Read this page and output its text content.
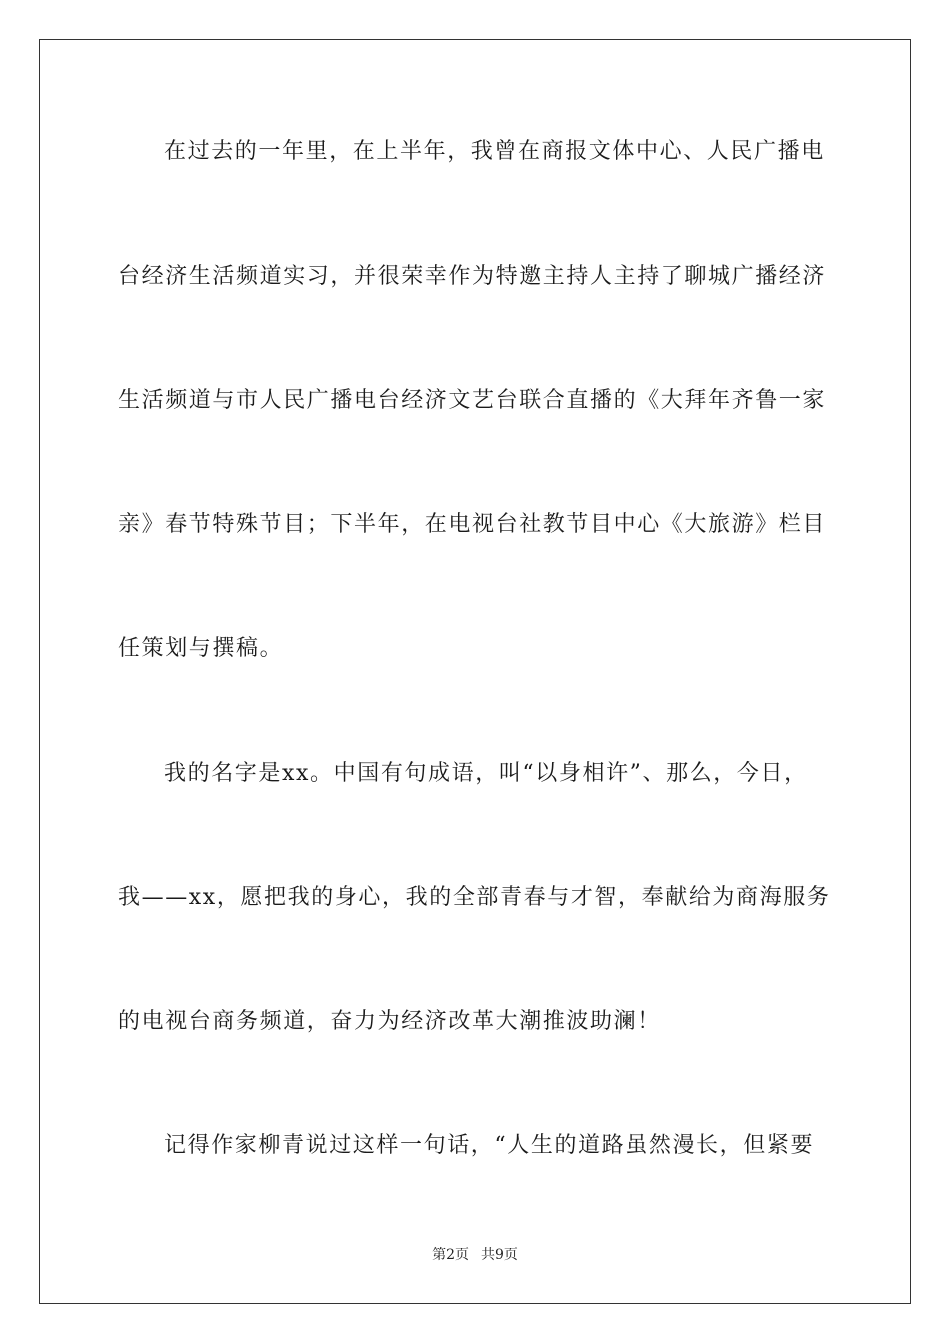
在过去的一年里，在上半年，我曾在商报文体中心、人民广播电

台经济生活频道实习，并很荣幸作为特邀主持人主持了聊城广播经济

生活频道与市人民广播电台经济文艺台联合直播的《大拜年齐鲁一家

亲》春节特殊节目；下半年，在电视台社教节目中心《大旅游》栏目

任策划与撰稿。

我的名字是xx。中国有句成语，叫“以身相许”、那么，今日，

我——xx，愿把我的身心，我的全部青春与才智，奉献给为商海服务

的电视台商务频道，奋力为经济改革大潮推波助澜！

记得作家柳青说过这样一句话，“人生的道路虽然漫长，但紧要

第2页 共9页
